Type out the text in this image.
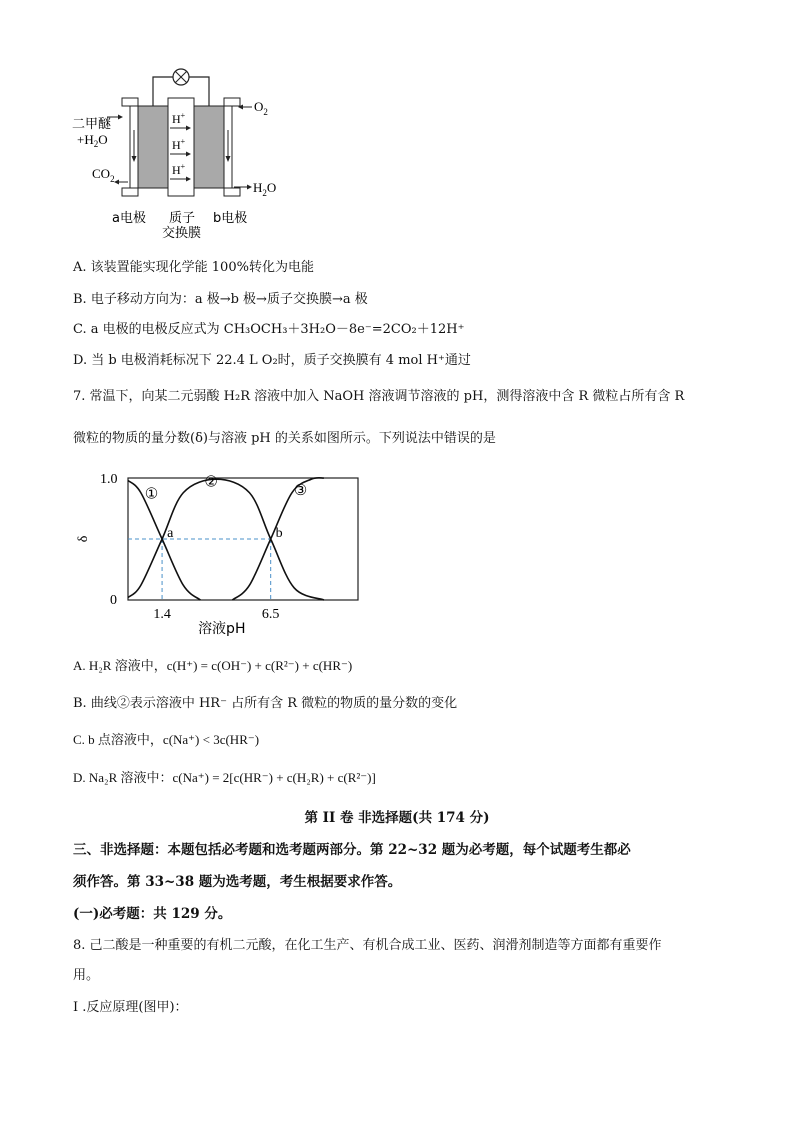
H+
H+
H+
二甲醚
$+H_2O$
$CO_2$
$O_2$
$H_2O$
a电极 质子
交换膜
b电极
A. 该装置能实现化学能 100%转化为电能
B. 电子移动方向为：a 极→b 极→质子交换膜→a 极
C. a 电极的电极反应式为 CH₃OCH₃＋3H₂O－8e⁻=2CO₂＋12H⁺
D. 当 b 电极消耗标况下 22.4 L O₂时，质子交换膜有 4 mol H⁺通过
7. 常温下，向某二元弱酸 H₂R 溶液中加入 NaOH 溶液调节溶液的 pH，测得溶液中含 R 微粒占所有含 R
微粒的物质的量分数(δ)与溶液 pH 的关系如图所示。下列说法中错误的是
1.0
0
δ
1.4	6.5
溶液pH
①
②	③
a	b
A. H₂R 溶液中，c(H⁺) = c(OH⁻) + c(R²⁻) + c(HR⁻)
B. 曲线②表示溶液中 HR⁻ 占所有含 R 微粒的物质的量分数的变化
C. b 点溶液中，c(Na⁺) < 3c(HR⁻)
D. Na₂R 溶液中：c(Na⁺) = 2[c(HR⁻) + c(H₂R) + c(R²⁻)]
第 II 卷 非选择题(共 174 分)
三、非选择题：本题包括必考题和选考题两部分。第 22~32 题为必考题，每个试题考生都必
须作答。第 33~38 题为选考题，考生根据要求作答。
(一)必考题：共 129 分。
8. 己二酸是一种重要的有机二元酸，在化工生产、有机合成工业、医药、润滑剂制造等方面都有重要作
用。
I .反应原理(图甲)：
